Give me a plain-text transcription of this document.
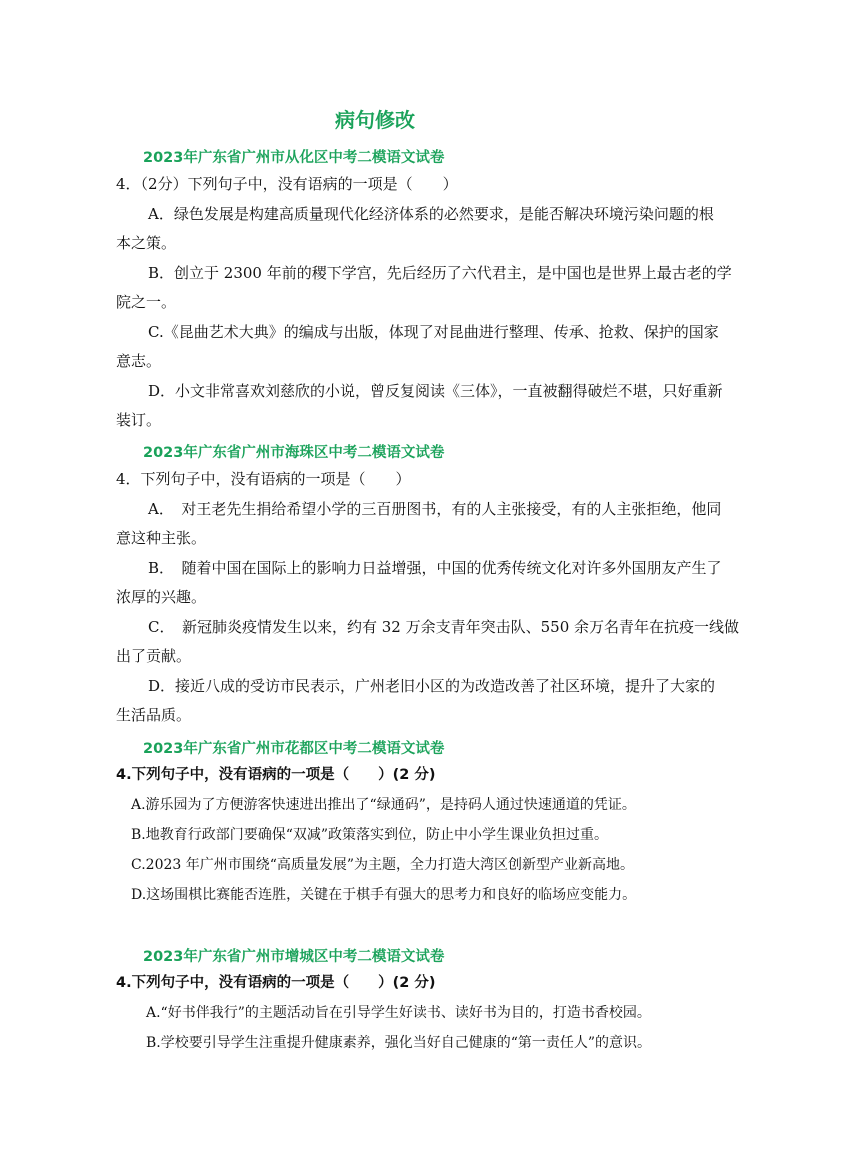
病句修改
2023年广东省广州市从化区中考二模语文试卷
4．（2分）下列句子中，没有语病的一项是（　　）
A．绿色发展是构建高质量现代化经济体系的必然要求，是能否解决环境污染问题的根
本之策。
B．创立于 2300 年前的稷下学宫，先后经历了六代君主，是中国也是世界上最古老的学
院之一。
C.《昆曲艺术大典》的编成与出版，体现了对昆曲进行整理、传承、抢救、保护的国家
意志。
D．小文非常喜欢刘慈欣的小说，曾反复阅读《三体》，一直被翻得破烂不堪，只好重新
装订。
2023年广东省广州市海珠区中考二模语文试卷
4．下列句子中，没有语病的一项是（　　）
A．　对王老先生捐给希望小学的三百册图书，有的人主张接受，有的人主张拒绝，他同
意这种主张。
B．　随着中国在国际上的影响力日益增强，中国的优秀传统文化对许多外国朋友产生了
浓厚的兴趣。
C．　新冠肺炎疫情发生以来，约有 32 万余支青年突击队、550 余万名青年在抗疫一线做
出了贡献。
D．接近八成的受访市民表示，广州老旧小区的为改造改善了社区环境，提升了大家的
生活品质。
2023年广东省广州市花都区中考二模语文试卷
4.下列句子中，没有语病的一项是（　　）(2 分)
A.游乐园为了方便游客快速进出推出了“绿通码”，是持码人通过快速通道的凭证。
B.地教育行政部门要确保“双减”政策落实到位，防止中小学生课业负担过重。
C.2023 年广州市围绕“高质量发展”为主题，全力打造大湾区创新型产业新高地。
D.这场围棋比赛能否连胜，关键在于棋手有强大的思考力和良好的临场应变能力。
2023年广东省广州市增城区中考二模语文试卷
4.下列句子中，没有语病的一项是（　　）(2 分)
A.“好书伴我行”的主题活动旨在引导学生好读书、读好书为目的，打造书香校园。
B.学校要引导学生注重提升健康素养，强化当好自己健康的“第一责任人”的意识。
